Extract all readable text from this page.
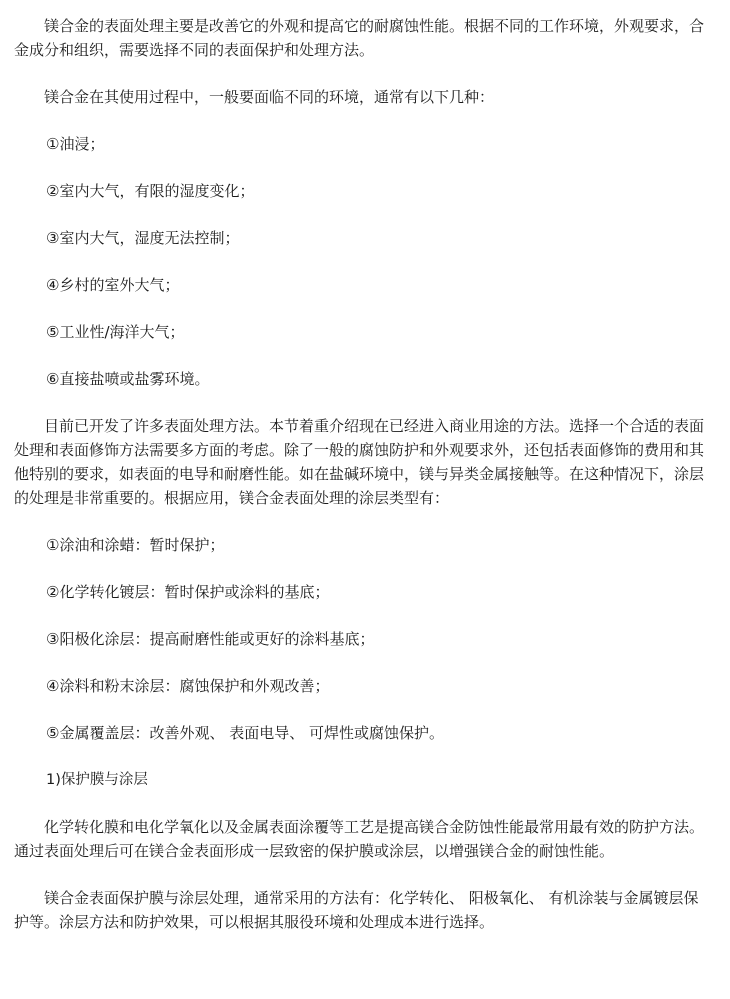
镁合金的表面处理主要是改善它的外观和提高它的耐腐蚀性能。根据不同的工作环境，外观要求，合金成分和组织，需要选择不同的表面保护和处理方法。

镁合金在其使用过程中，一般要面临不同的环境，通常有以下几种：

①油浸；

②室内大气，有限的湿度变化；

③室内大气，湿度无法控制；

④乡村的室外大气；

⑤工业性/海洋大气；

⑥直接盐喷或盐雾环境。

目前已开发了许多表面处理方法。本节着重介绍现在已经进入商业用途的方法。选择一个合适的表面处理和表面修饰方法需要多方面的考虑。除了一般的腐蚀防护和外观要求外，还包括表面修饰的费用和其他特别的要求，如表面的电导和耐磨性能。如在盐碱环境中，镁与异类金属接触等。在这种情况下，涂层的处理是非常重要的。根据应用，镁合金表面处理的涂层类型有：

①涂油和涂蜡：暂时保护；

②化学转化镀层：暂时保护或涂料的基底；

③阳极化涂层：提高耐磨性能或更好的涂料基底；

④涂料和粉末涂层：腐蚀保护和外观改善；

⑤金属覆盖层：改善外观、 表面电导、 可焊性或腐蚀保护。

1)保护膜与涂层

化学转化膜和电化学氧化以及金属表面涂覆等工艺是提高镁合金防蚀性能最常用最有效的防护方法。通过表面处理后可在镁合金表面形成一层致密的保护膜或涂层，以增强镁合金的耐蚀性能。

镁合金表面保护膜与涂层处理，通常采用的方法有：化学转化、 阳极氧化、 有机涂装与金属镀层保护等。涂层方法和防护效果，可以根据其服役环境和处理成本进行选择。
